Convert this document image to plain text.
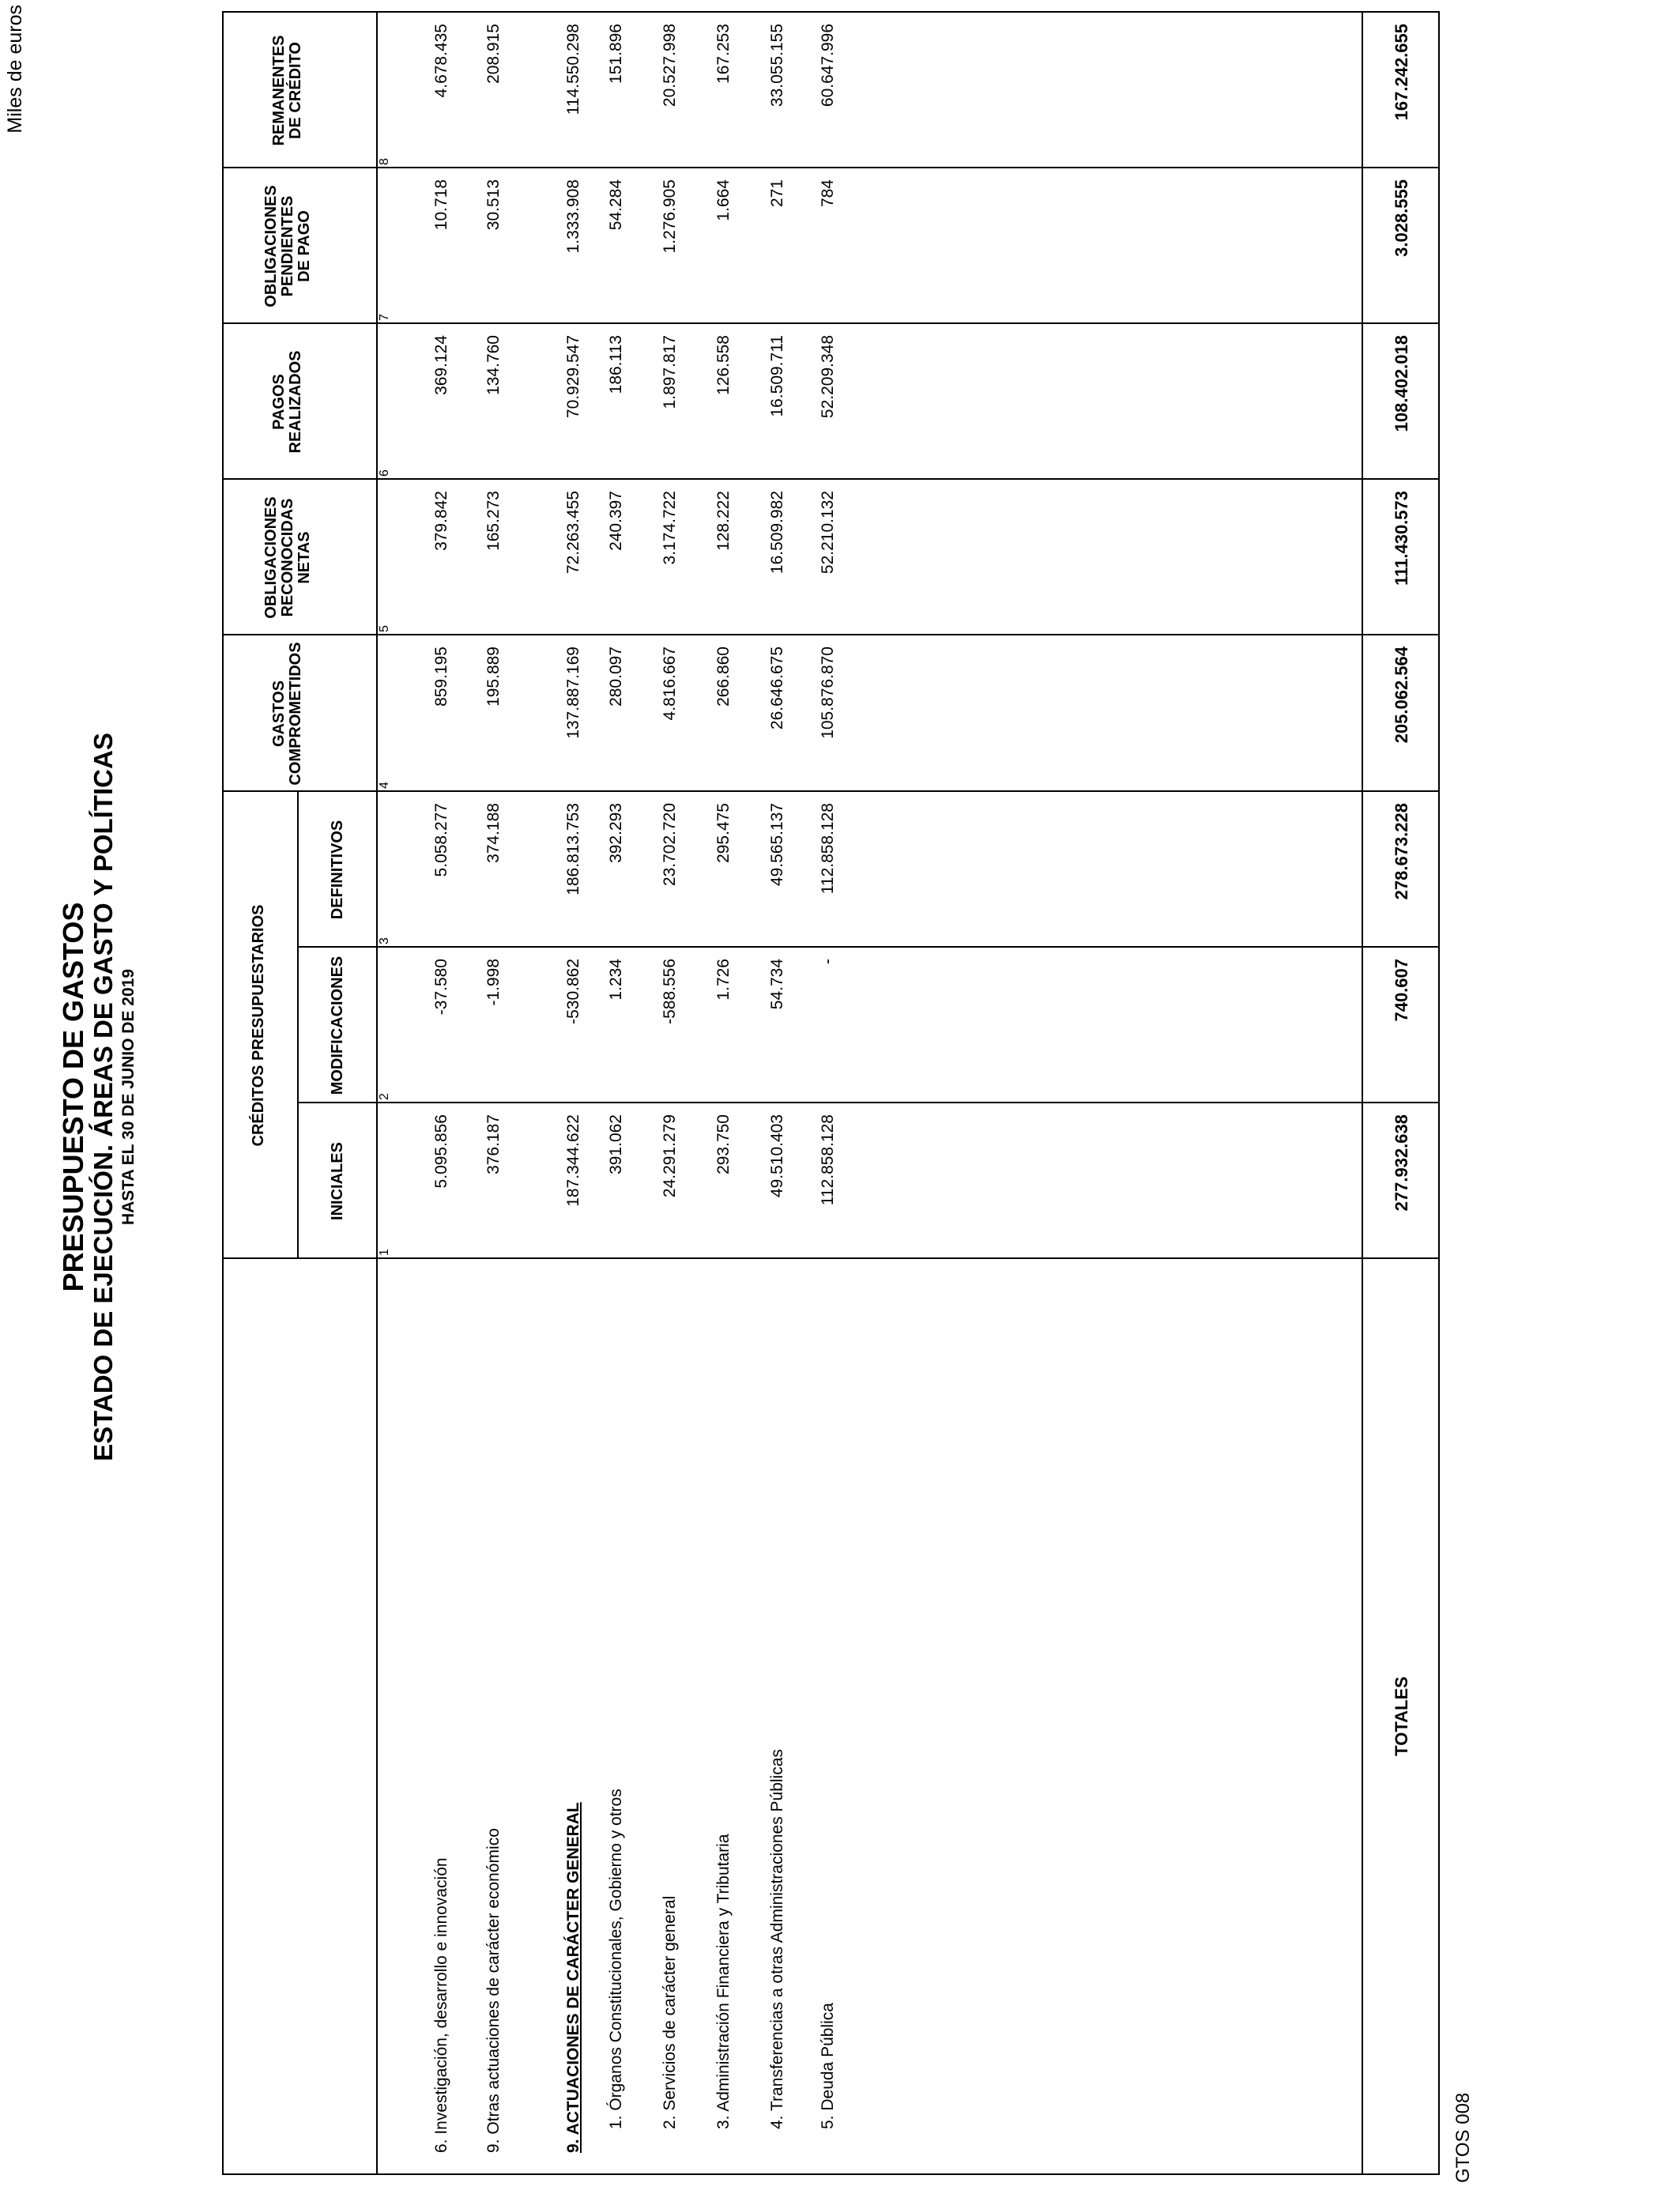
PRESUPUESTO DE GASTOS ESTADO DE EJECUCIÓN. ÁREAS DE GASTO Y POLÍTICAS HASTA EL 30 DE JUNIO DE 2019
Miles de euros
CRÉDITOS PRESUPUESTARIOS
INICIALES
MODIFICACIONES
DEFINITIVOS
GASTOS COMPROMETIDOS
OBLIGACIONES RECONOCIDAS NETAS
PAGOS REALIZADOS
OBLIGACIONES PENDIENTES DE PAGO
REMANENTES DE CRÉDITO
1
2
3
4
5
6
7
8
6. Investigación, desarrollo e innovación
5.095.856
-37.580
5.058.277
859.195
379.842
369.124
10.718
4.678.435
9. Otras actuaciones de carácter económico
376.187
-1.998
374.188
195.889
165.273
134.760
30.513
208.915
9. ACTUACIONES DE CARÁCTER GENERAL
187.344.622
-530.862
186.813.753
137.887.169
72.263.455
70.929.547
1.333.908
114.550.298
1. Órganos Constitucionales, Gobierno y otros
391.062
1.234
392.293
280.097
240.397
186.113
54.284
151.896
2. Servicios de carácter general
24.291.279
-588.556
23.702.720
4.816.667
3.174.722
1.897.817
1.276.905
20.527.998
3. Administración Financiera y Tributaria
293.750
1.726
295.475
266.860
128.222
126.558
1.664
167.253
4. Transferencias a otras Administraciones Públicas
49.510.403
54.734
49.565.137
26.646.675
16.509.982
16.509.711
271
33.055.155
5. Deuda Pública
112.858.128
-
112.858.128
105.876.870
52.210.132
52.209.348
784
60.647.996
TOTALES
277.932.638
740.607
278.673.228
205.062.564
111.430.573
108.402.018
3.028.555
167.242.655
GTOS 008
